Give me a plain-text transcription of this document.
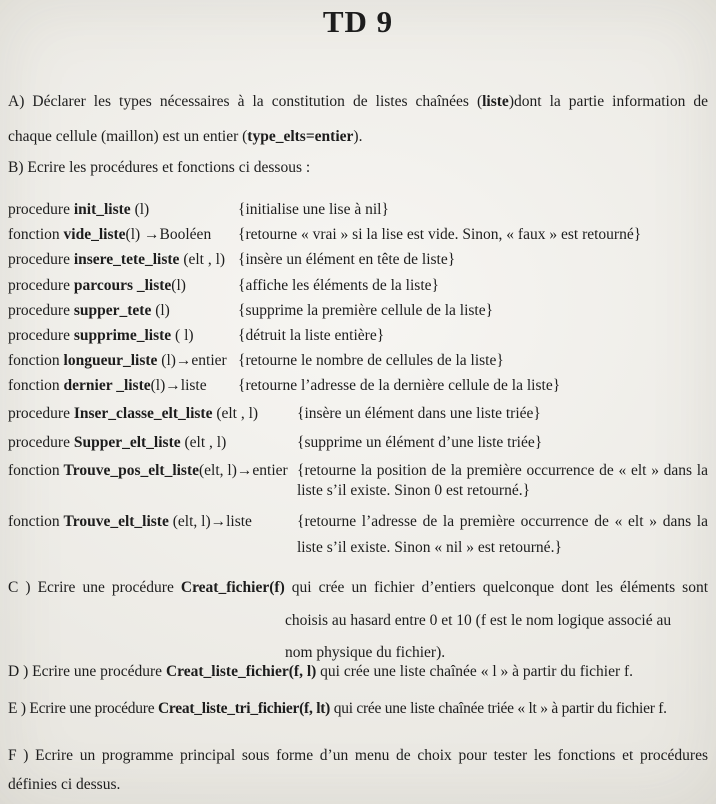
TD 9
A) Déclarer les types nécessaires à la constitution de listes chaînées (liste)dont la partie information de
chaque cellule (maillon) est un entier (type_elts=entier).
B) Ecrire les procédures et fonctions ci dessous :
procedure init_liste (l)	{initialise une lise à nil}
fonction vide_liste(l) →Booléen	{retourne « vrai » si la lise est vide. Sinon, « faux » est retourné}
procedure insere_tete_liste (elt , l) {insère un élément en tête de liste}
procedure parcours _liste(l)	{affiche les éléments de la liste}
procedure supper_tete (l)	{supprime la première cellule de la liste}
procedure supprime_liste ( l)	{détruit la liste entière}
fonction longueur_liste (l)→entier {retourne le nombre de cellules de la liste}
fonction dernier _liste(l)→liste	{retourne l’adresse de la dernière cellule de la liste}
procedure Inser_classe_elt_liste (elt , l)	{insère un élément dans une liste triée}
procedure Supper_elt_liste (elt , l)	{supprime un élément d’une liste triée}
fonction Trouve_pos_elt_liste(elt, l)→entier {retourne la position de la première occurrence de « elt » dans la
liste s’il existe. Sinon 0 est retourné.}
fonction Trouve_elt_liste (elt, l)→liste	{retourne l’adresse de la première occurrence de « elt » dans la
liste s’il existe. Sinon « nil » est retourné.}
C ) Ecrire une procédure Creat_fichier(f) qui crée un fichier d’entiers quelconque dont les éléments sont
choisis au hasard entre 0 et 10 (f est le nom logique associé au
nom physique du fichier).
D ) Ecrire une procédure Creat_liste_fichier(f, l) qui crée une liste chaînée « l » à partir du fichier f.
E ) Ecrire une procédure Creat_liste_tri_fichier(f, lt) qui crée une liste chaînée triée « lt » à partir du fichier f.
F ) Ecrire un programme principal sous forme d’un menu de choix pour tester les fonctions et procédures
définies ci dessus.
